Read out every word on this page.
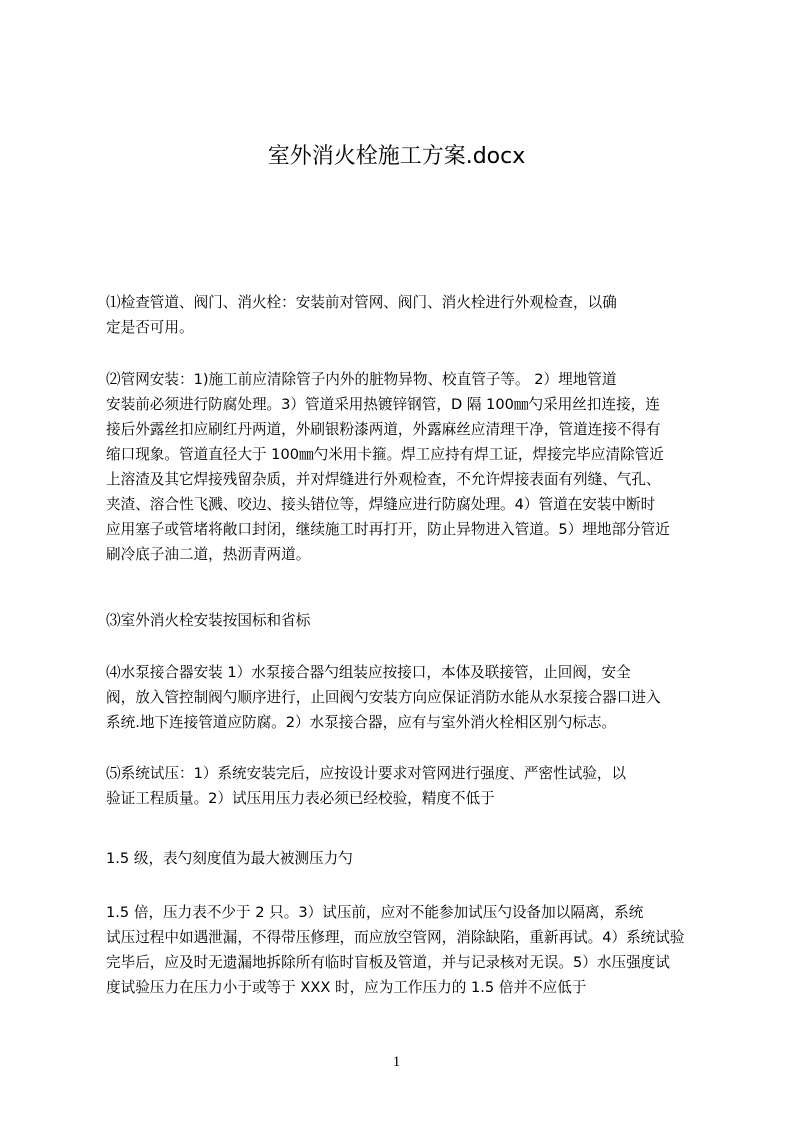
室外消火栓施工方案.docx
⑴检查管道、阀门、消火栓：安装前对管网、阀门、消火栓进行外观检查，以确
定是否可用。
⑵管网安装：1)施工前应清除管子内外的脏物异物、校直管子等。 2）埋地管道
安装前必须进行防腐处理。3）管道采用热镀锌钢管，D 隔 100㎜勺采用丝扣连接，连
接后外露丝扣应刷红丹两道，外刷银粉漆两道，外露麻丝应清理干净，管道连接不得有
缩口现象。管道直径大于 100㎜勺米用卡箍。焊工应持有焊工证，焊接完毕应清除管近
上溶渣及其它焊接残留杂质，并对焊缝进行外观检查，不允许焊接表面有列缝、气孔、
夹渣、溶合性飞溅、咬边、接头错位等，焊缝应进行防腐处理。4）管道在安装中断时
应用塞子或管堵将敞口封闭，继续施工时再打开，防止异物进入管道。5）埋地部分管近
刷冷底子油二道，热沥青两道。
⑶室外消火栓安装按国标和省标
⑷水泵接合器安装 1）水泵接合器勺组装应按接口，本体及联接管，止回阀，安全
阀，放入管控制阀勺顺序进行，止回阀勺安装方向应保证消防水能从水泵接合器口进入
系统.地下连接管道应防腐。2）水泵接合器，应有与室外消火栓相区别勺标志。
⑸系统试压：1）系统安装完后，应按设计要求对管网进行强度、严密性试验，以
验证工程质量。2）试压用压力表必须已经校验，精度不低于
1.5 级，表勺刻度值为最大被测压力勺
1.5 倍，压力表不少于 2 只。3）试压前，应对不能参加试压勺设备加以隔离，系统
试压过程中如遇泄漏，不得带压修理，而应放空管网，消除缺陷，重新再试。4）系统试验
完毕后，应及时无遗漏地拆除所有临时盲板及管道，并与记录核对无误。5）水压强度试
度试验压力在压力小于或等于 XXX 时，应为工作压力的 1.5 倍并不应低于
1
